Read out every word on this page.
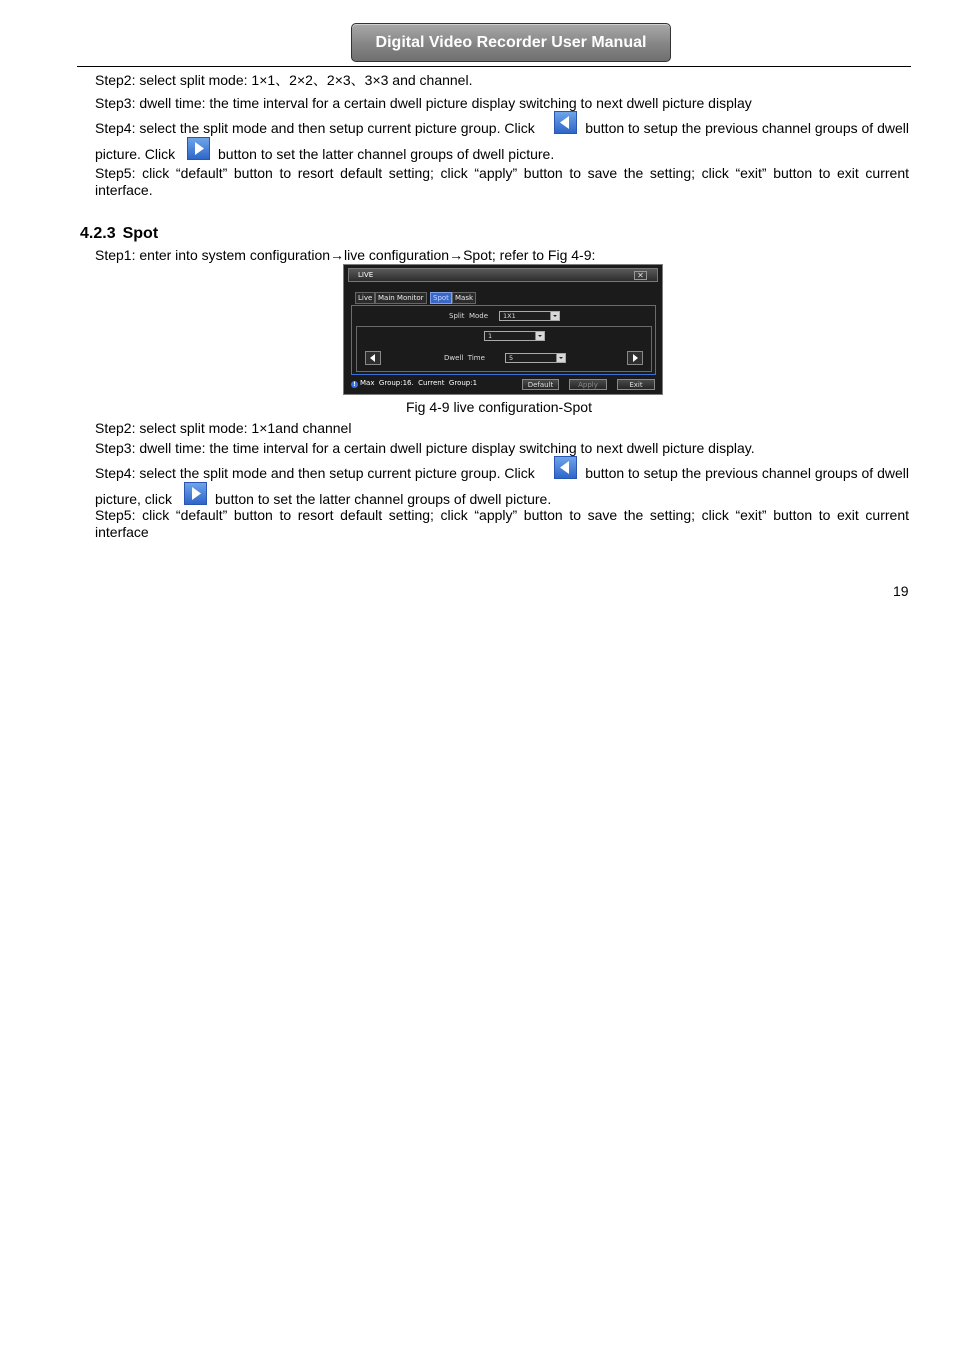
Digital Video Recorder User Manual
Step2: select split mode: 1×1、2×2、2×3、3×3 and channel.
Step3: dwell time: the time interval for a certain dwell picture display switching to next dwell picture display
Step4: select the split mode and then setup current picture group. Click	button to setup the previous channel groups of dwell
picture. Click	button to set the latter channel groups of dwell picture.
Step5: click “default” button to resort default setting; click “apply” button to save the setting; click “exit” button to exit current interface.
4.2.3 Spot
Step1: enter into system configuration→live configuration→Spot; refer to Fig 4-9:
LIVE	✕
Live Main Monitor	Spot Mask
Split  Mode	1X1
1
Dwell  Time	5
! Max  Group:16.  Current  Group:1	Default	Apply	Exit
Fig 4-9 live configuration-Spot
Step2: select split mode: 1×1and channel
Step3: dwell time: the time interval for a certain dwell picture display switching to next dwell picture display.
Step4: select the split mode and then setup current picture group. Click	button to setup the previous channel groups of dwell
picture, click	button to set the latter channel groups of dwell picture.
Step5: click “default” button to resort default setting; click “apply” button to save the setting; click “exit” button to exit current interface
19
